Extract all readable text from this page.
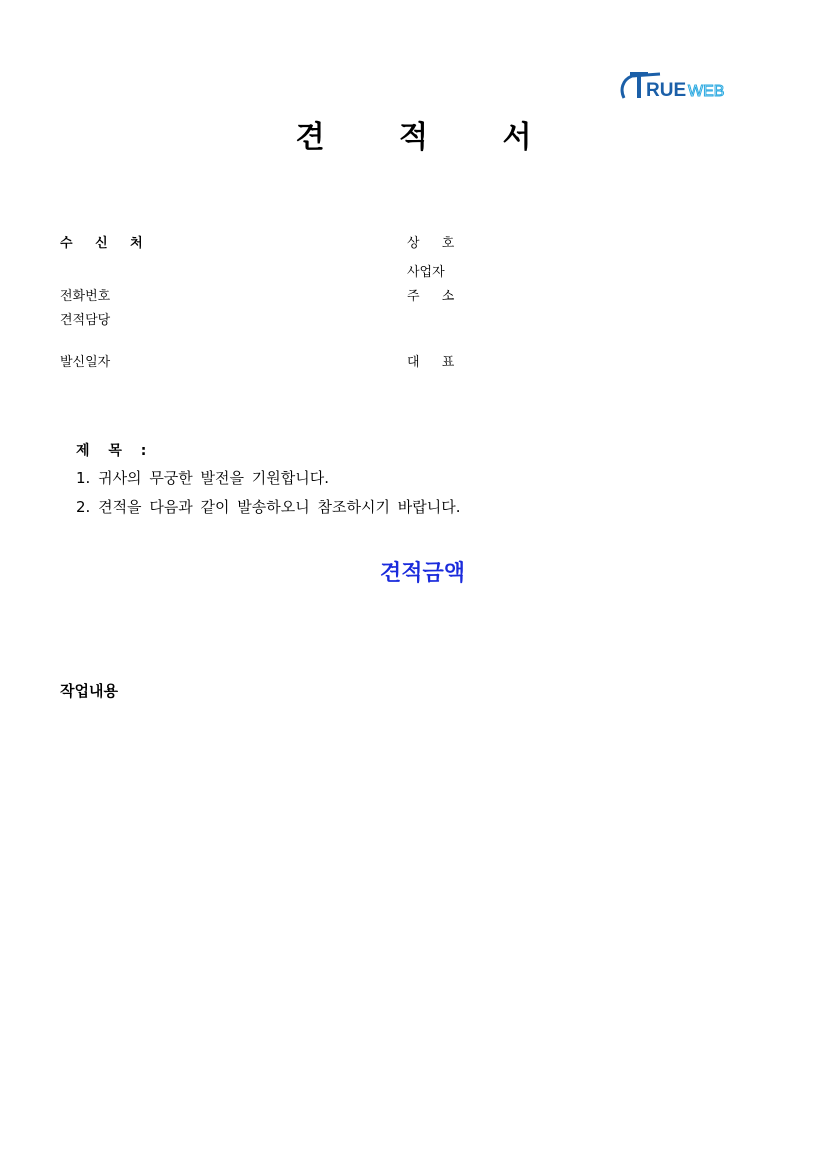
RUE WEB
견 적 서
수 신 처
전화번호
견적담당
발신일자
상 호
사업자
주 소
대 표
제 목 :
1. 귀사의 무궁한 발전을 기원합니다.
2. 견적을 다음과 같이 발송하오니 참조하시기 바랍니다.
견적금액
작업내용
